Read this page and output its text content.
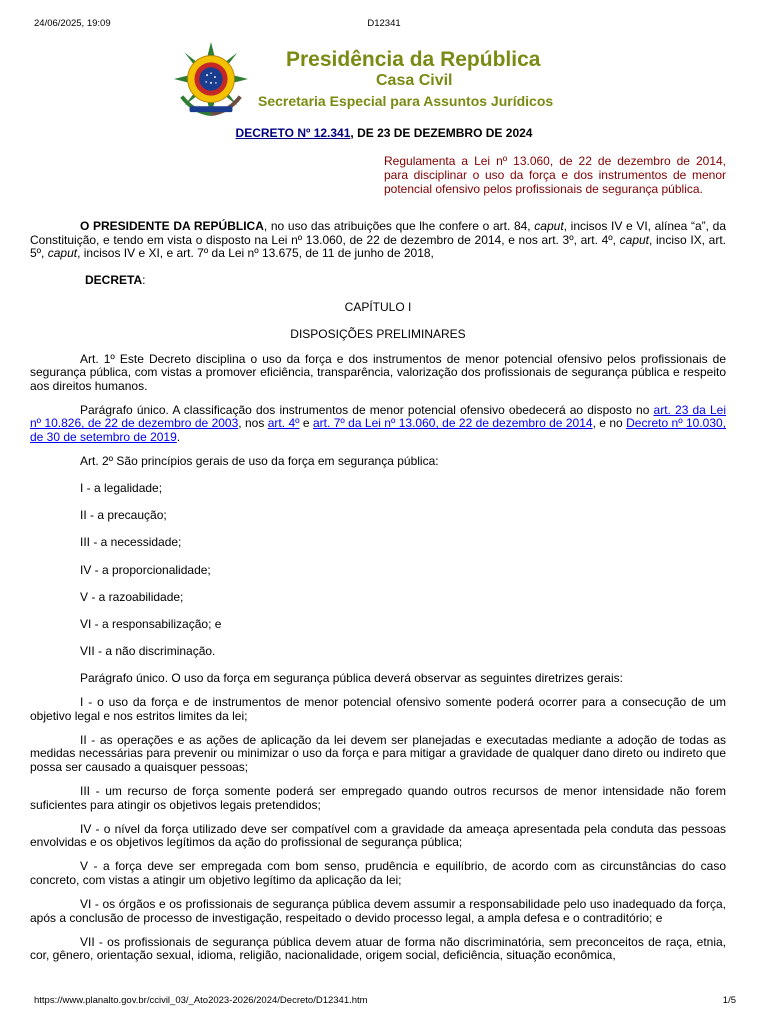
24/06/2025, 19:09	D12341
Presidência da República
Casa Civil
Secretaria Especial para Assuntos Jurídicos
DECRETO Nº 12.341, DE 23 DE DEZEMBRO DE 2024
Regulamenta a Lei nº 13.060, de 22 de dezembro de 2014, para disciplinar o uso da força e dos instrumentos de menor potencial ofensivo pelos profissionais de segurança pública.

O PRESIDENTE DA REPÚBLICA, no uso das atribuições que lhe confere o art. 84, caput, incisos IV e VI, alínea “a”, da Constituição, e tendo em vista o disposto na Lei nº 13.060, de 22 de dezembro de 2014, e nos art. 3º, art. 4º, caput, inciso IX, art. 5º, caput, incisos IV e XI, e art. 7º da Lei nº 13.675, de 11 de junho de 2018,

DECRETA:

CAPÍTULO I

DISPOSIÇÕES PRELIMINARES

Art. 1º Este Decreto disciplina o uso da força e dos instrumentos de menor potencial ofensivo pelos profissionais de segurança pública, com vistas a promover eficiência, transparência, valorização dos profissionais de segurança pública e respeito aos direitos humanos.

Parágrafo único. A classificação dos instrumentos de menor potencial ofensivo obedecerá ao disposto no art. 23 da Lei nº 10.826, de 22 de dezembro de 2003, nos art. 4º e art. 7º da Lei nº 13.060, de 22 de dezembro de 2014, e no Decreto nº 10.030, de 30 de setembro de 2019.

Art. 2º São princípios gerais de uso da força em segurança pública:

I - a legalidade;

II - a precaução;

III - a necessidade;

IV - a proporcionalidade;

V - a razoabilidade;

VI - a responsabilização; e

VII - a não discriminação.

Parágrafo único. O uso da força em segurança pública deverá observar as seguintes diretrizes gerais:

I - o uso da força e de instrumentos de menor potencial ofensivo somente poderá ocorrer para a consecução de um objetivo legal e nos estritos limites da lei;

II - as operações e as ações de aplicação da lei devem ser planejadas e executadas mediante a adoção de todas as medidas necessárias para prevenir ou minimizar o uso da força e para mitigar a gravidade de qualquer dano direto ou indireto que possa ser causado a quaisquer pessoas;

III - um recurso de força somente poderá ser empregado quando outros recursos de menor intensidade não forem suficientes para atingir os objetivos legais pretendidos;

IV - o nível da força utilizado deve ser compatível com a gravidade da ameaça apresentada pela conduta das pessoas envolvidas e os objetivos legítimos da ação do profissional de segurança pública;

V - a força deve ser empregada com bom senso, prudência e equilíbrio, de acordo com as circunstâncias do caso concreto, com vistas a atingir um objetivo legítimo da aplicação da lei;

VI - os órgãos e os profissionais de segurança pública devem assumir a responsabilidade pelo uso inadequado da força, após a conclusão de processo de investigação, respeitado o devido processo legal, a ampla defesa e o contraditório; e

VII - os profissionais de segurança pública devem atuar de forma não discriminatória, sem preconceitos de raça, etnia, cor, gênero, orientação sexual, idioma, religião, nacionalidade, origem social, deficiência, situação econômica,

https://www.planalto.gov.br/ccivil_03/_Ato2023-2026/2024/Decreto/D12341.htm	1/5
